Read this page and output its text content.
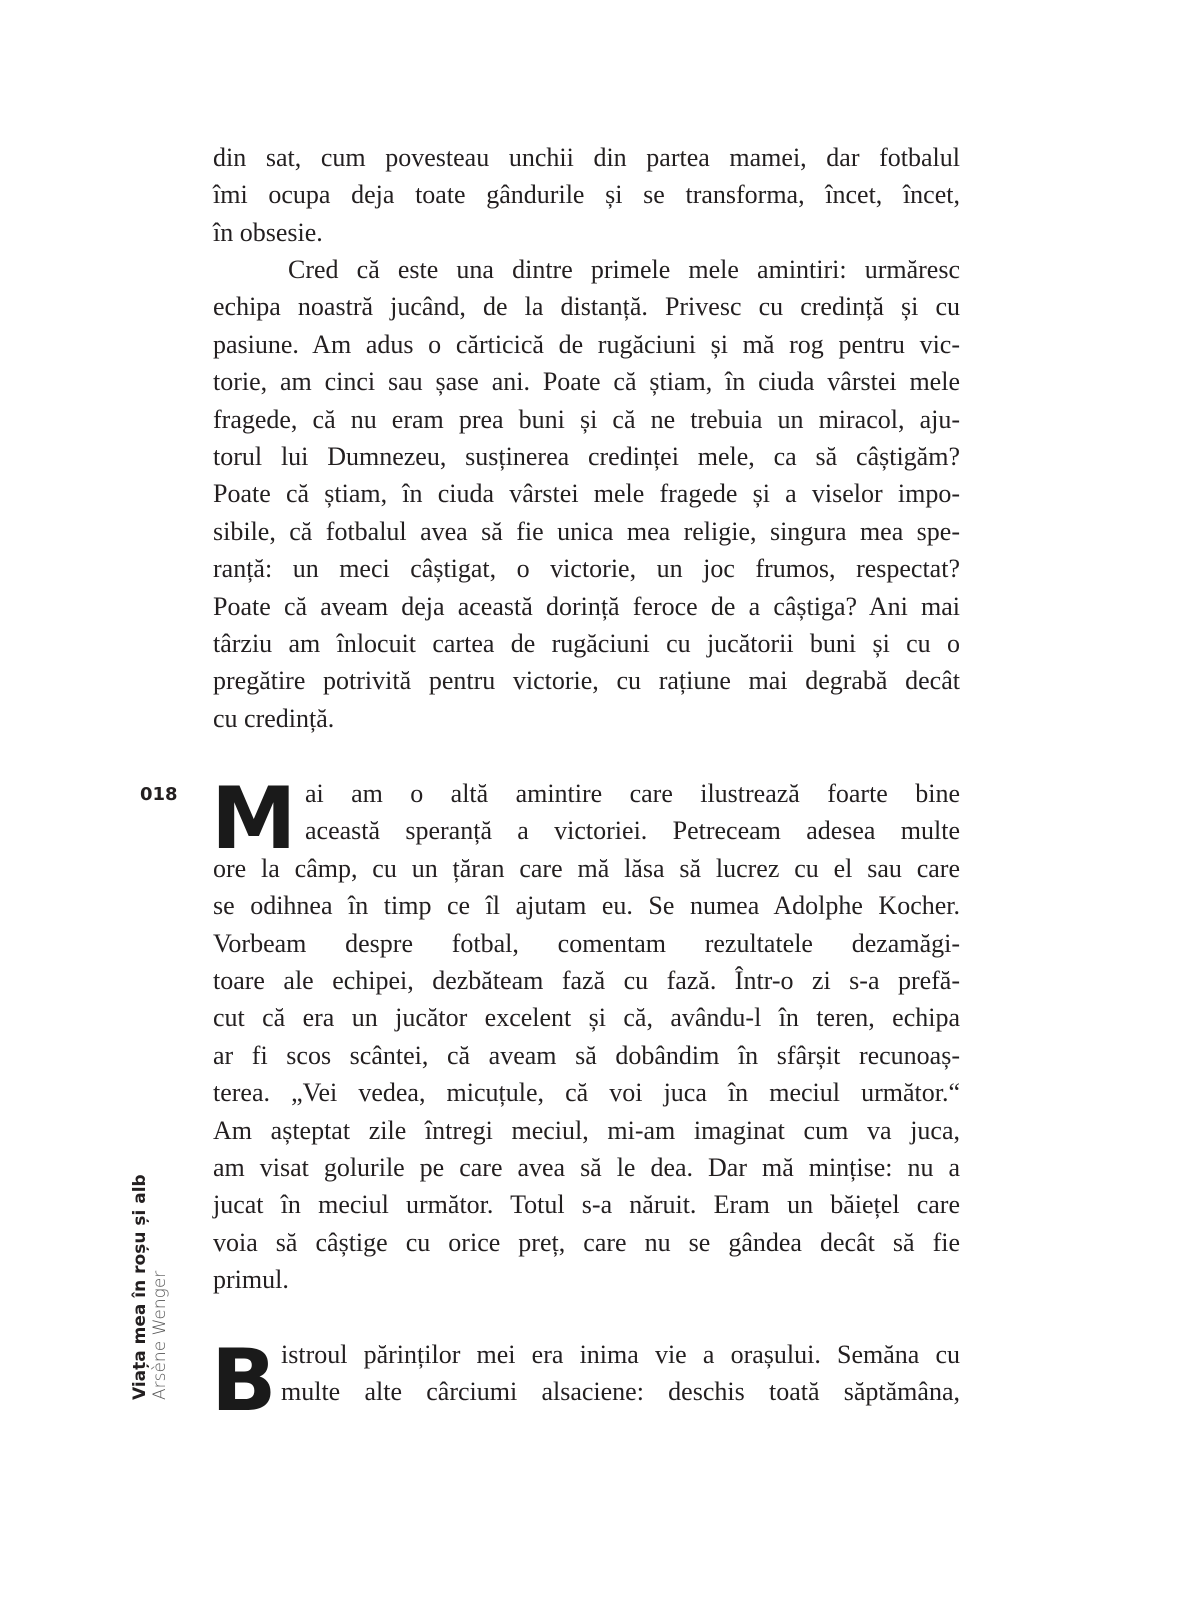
018
Viața mea în roșu și alb Arsène Wenger
din sat, cum povesteau unchii din partea mamei, dar fotbalul
îmi ocupa deja toate gândurile și se transforma, încet, încet,
în obsesie.
Cred că este una dintre primele mele amintiri: urmăresc
echipa noastră jucând, de la distanță. Privesc cu credință și cu
pasiune. Am adus o cărticică de rugăciuni și mă rog pentru vic-
torie, am cinci sau șase ani. Poate că știam, în ciuda vârstei mele
fragede, că nu eram prea buni și că ne trebuia un miracol, aju-
torul lui Dumnezeu, susținerea credinței mele, ca să câștigăm?
Poate că știam, în ciuda vârstei mele fragede și a viselor impo-
sibile, că fotbalul avea să fie unica mea religie, singura mea spe-
ranță: un meci câștigat, o victorie, un joc frumos, respectat?
Poate că aveam deja această dorință feroce de a câștiga? Ani mai
târziu am înlocuit cartea de rugăciuni cu jucătorii buni și cu o
pregătire potrivită pentru victorie, cu rațiune mai degrabă decât
cu credință.
M ai am o altă amintire care ilustrează foarte bine
această speranță a victoriei. Petreceam adesea multe
ore la câmp, cu un țăran care mă lăsa să lucrez cu el sau care
se odihnea în timp ce îl ajutam eu. Se numea Adolphe Kocher.
Vorbeam despre fotbal, comentam rezultatele dezamăgi-
toare ale echipei, dezbăteam fază cu fază. Într-o zi s-a prefă-
cut că era un jucător excelent și că, avându-l în teren, echipa
ar fi scos scântei, că aveam să dobândim în sfârșit recunoaș-
terea. „Vei vedea, micuțule, că voi juca în meciul următor.“
Am așteptat zile întregi meciul, mi-am imaginat cum va juca,
am visat golurile pe care avea să le dea. Dar mă mințise: nu a
jucat în meciul următor. Totul s-a năruit. Eram un băiețel care
voia să câștige cu orice preț, care nu se gândea decât să fie
primul.
B istroul părinților mei era inima vie a orașului. Semăna cu
multe alte cârciumi alsaciene: deschis toată săptămâna,
